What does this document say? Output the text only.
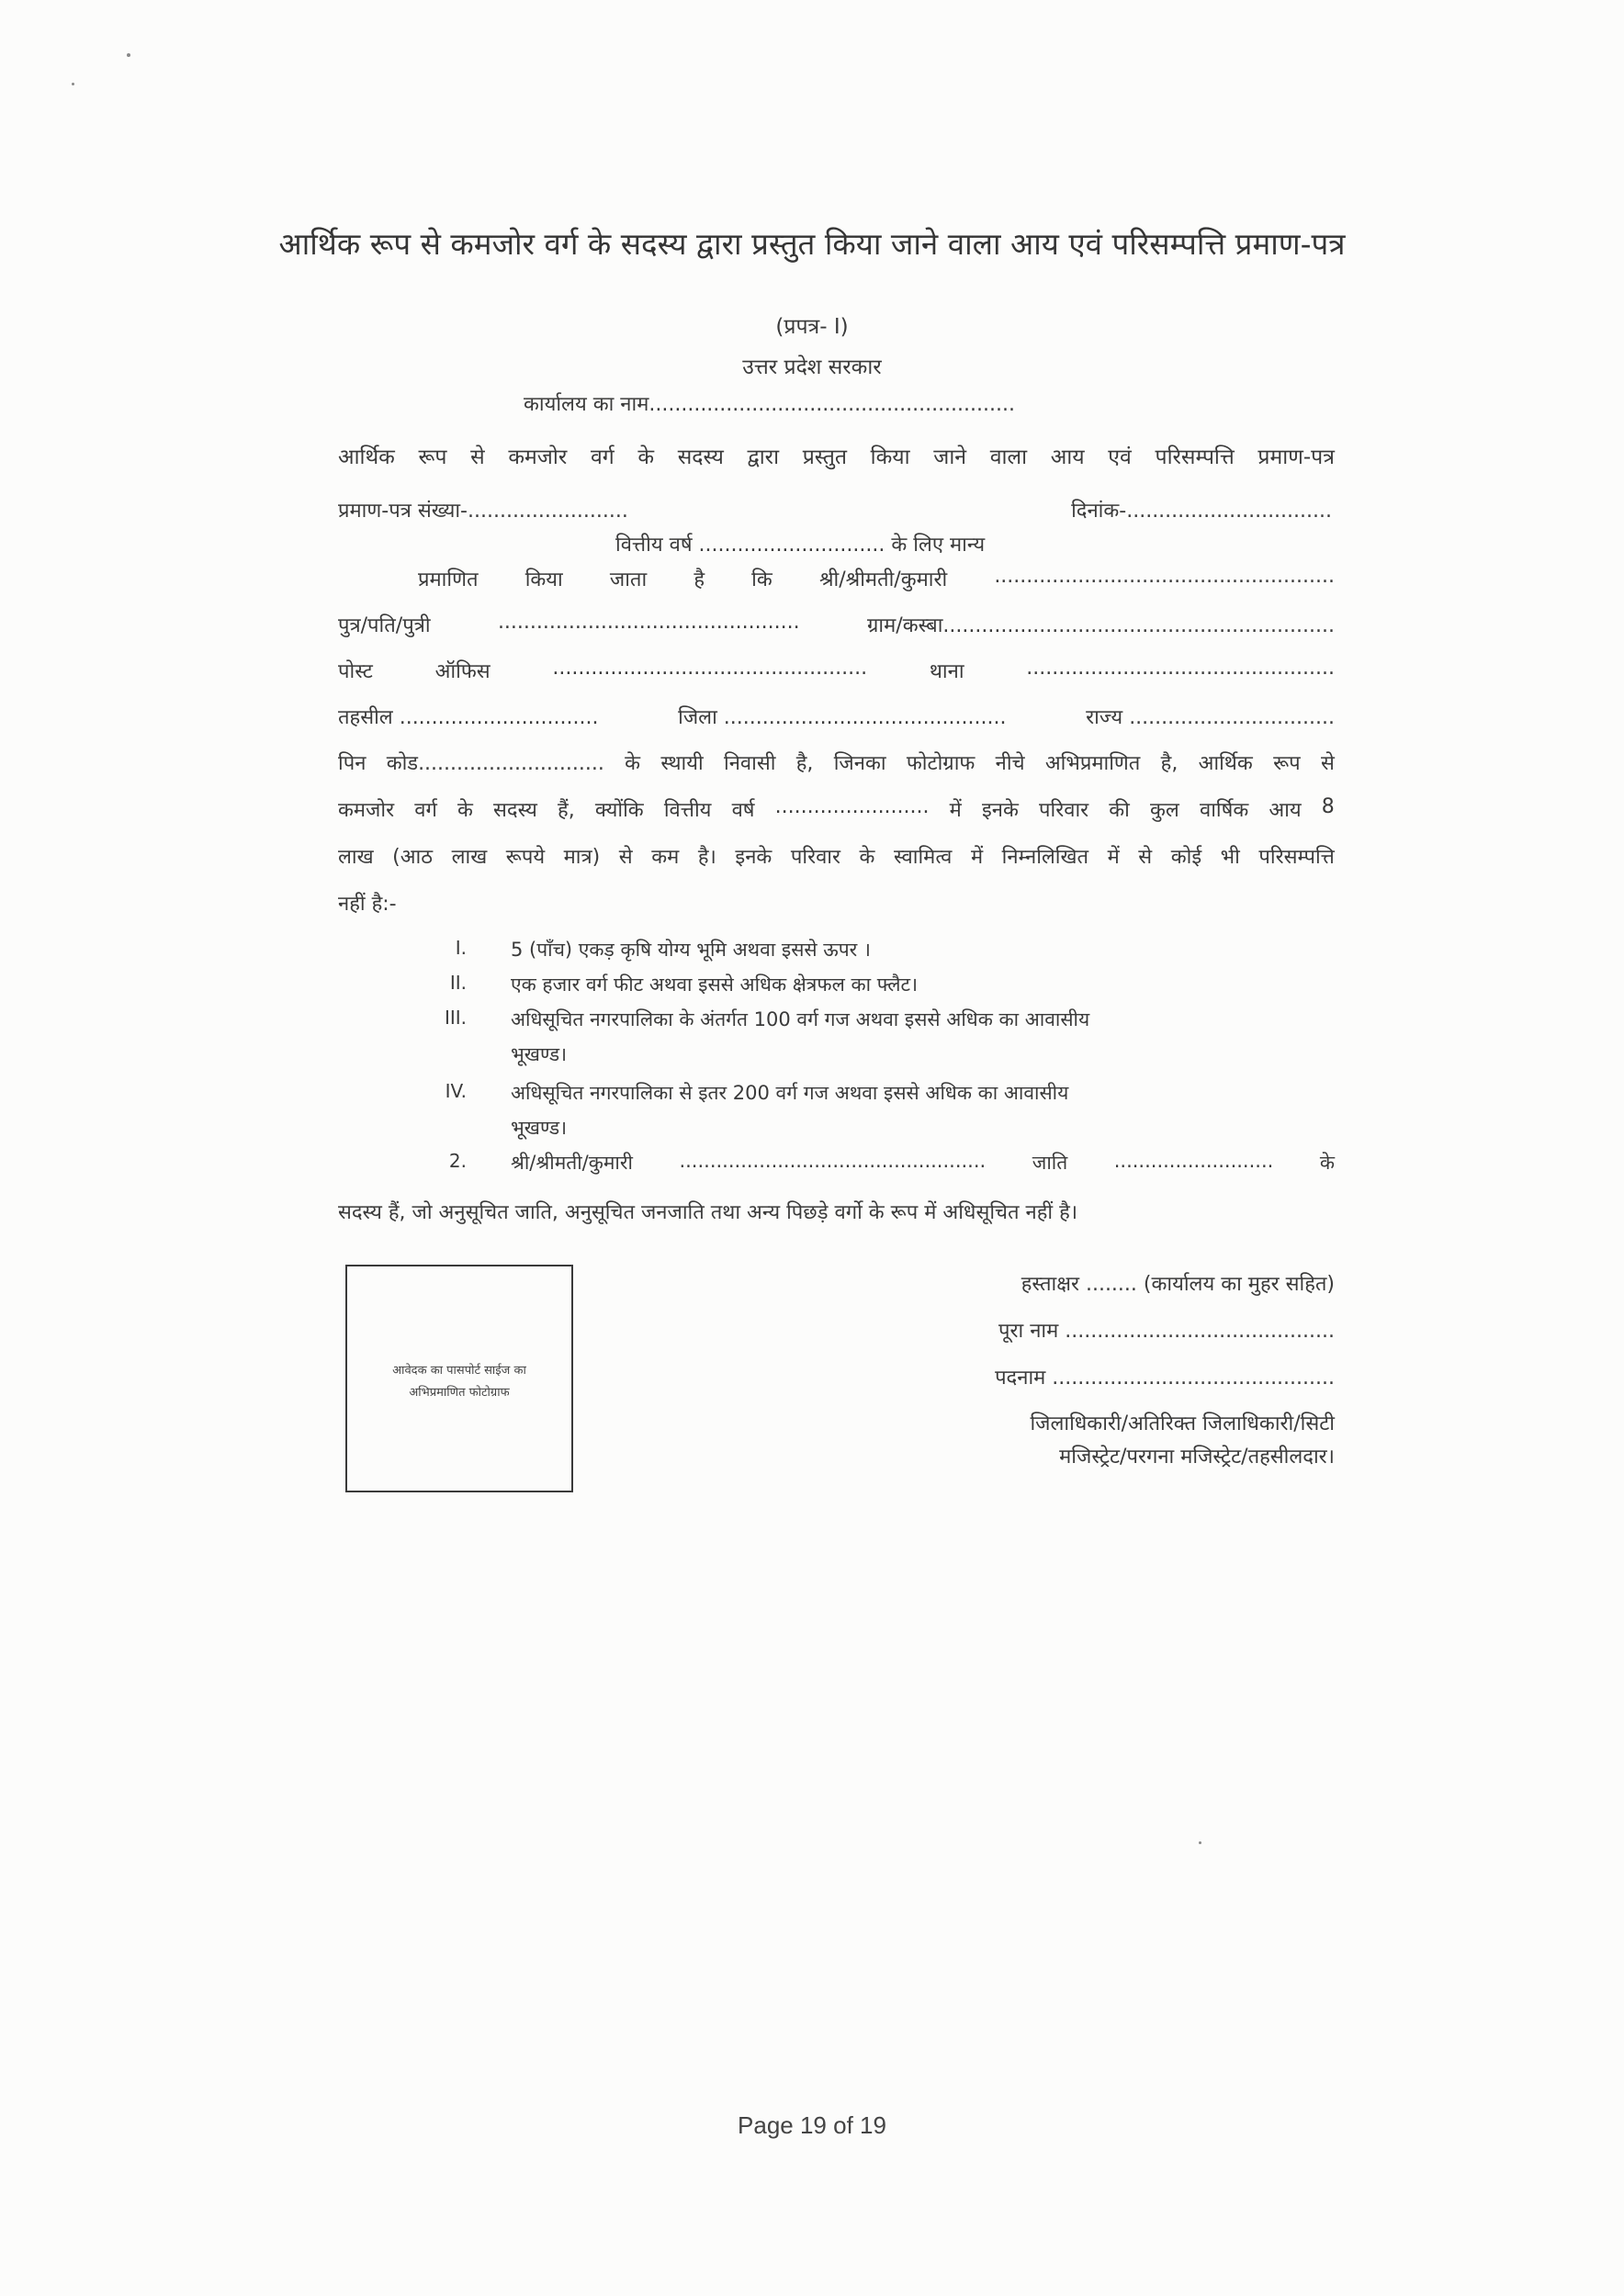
आर्थिक रूप से कमजोर वर्ग के सदस्य द्वारा प्रस्तुत किया जाने वाला आय एवं परिसम्पत्ति प्रमाण-पत्र
(प्रपत्र- I)
उत्तर प्रदेश सरकार
कार्यालय का नाम.........................................................
आर्थिक रूप से कमजोर वर्ग के सदस्य द्वारा प्रस्तुत किया जाने वाला आय एवं परिसम्पत्ति प्रमाण-पत्र
प्रमाण-पत्र संख्या-.........................	दिनांक-................................
वित्तीय वर्ष ............................. के लिए मान्य
प्रमाणित किया जाता है कि श्री/श्रीमती/कुमारी .....................................................
पुत्र/पति/पुत्री	...............................................	ग्राम/कस्बा.............................................................
पोस्ट	ऑफिस	.................................................	थाना	................................................
तहसील ...............................	जिला ............................................	राज्य ................................
पिन कोड............................. के स्थायी निवासी है, जिनका फोटोग्राफ नीचे अभिप्रमाणित है, आर्थिक रूप से
कमजोर वर्ग के सदस्य हैं, क्योंकि वित्तीय वर्ष ........................ में इनके परिवार की कुल वार्षिक आय 8
लाख (आठ लाख रूपये मात्र) से कम है। इनके परिवार के स्वामित्व में निम्नलिखित में से कोई भी परिसम्पत्ति
नहीं है:-
I. 5 (पाँच) एकड़ कृषि योग्य भूमि अथवा इससे ऊपर ।
II. एक हजार वर्ग फीट अथवा इससे अधिक क्षेत्रफल का फ्लैट।
III. अधिसूचित नगरपालिका के अंतर्गत 100 वर्ग गज अथवा इससे अधिक का आवासीय
भूखण्ड।
IV. अधिसूचित नगरपालिका से इतर 200 वर्ग गज अथवा इससे अधिक का आवासीय
भूखण्ड।
2. श्री/श्रीमती/कुमारी .................................................. जाति .......................... के
सदस्य हैं, जो अनुसूचित जाति, अनुसूचित जनजाति तथा अन्य पिछड़े वर्गो के रूप में अधिसूचित नहीं है।
आवेदक का पासपोर्ट साईज का
अभिप्रमाणित फोटोग्राफ
हस्ताक्षर ........ (कार्यालय का मुहर सहित)
पूरा नाम ..........................................
पदनाम ............................................
जिलाधिकारी/अतिरिक्त जिलाधिकारी/सिटी
मजिस्ट्रेट/परगना मजिस्ट्रेट/तहसीलदार।
Page 19 of 19
